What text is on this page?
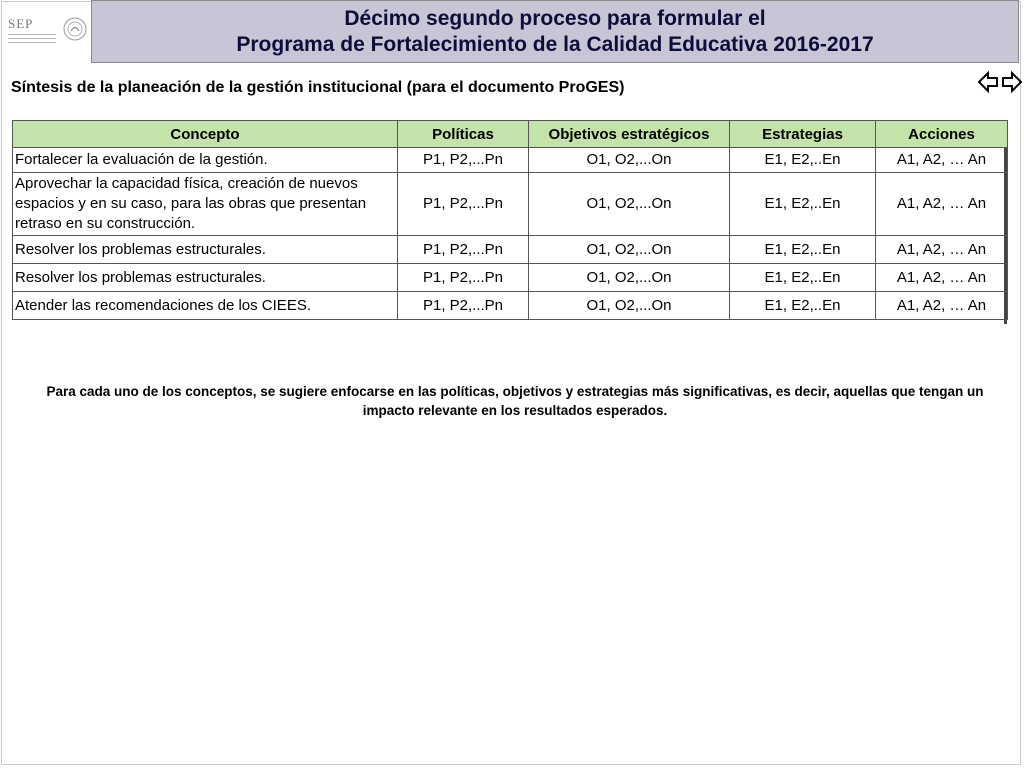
SEP	Décimo segundo proceso para formular el
Programa de Fortalecimiento de la Calidad Educativa 2016-2017
Síntesis de la planeación de la gestión institucional (para el documento ProGES)
Concepto	Políticas	Objetivos estratégicos	Estrategias	Acciones
Fortalecer la evaluación de la gestión.	P1, P2,...Pn	O1, O2,...On	E1, E2,..En	A1, A2, … An
Aprovechar la capacidad física, creación de nuevos espacios y en su caso, para las obras que presentan retraso en su construcción.	P1, P2,...Pn	O1, O2,...On	E1, E2,..En	A1, A2, … An
Resolver los problemas estructurales.	P1, P2,...Pn	O1, O2,...On	E1, E2,..En	A1, A2, … An
Resolver los problemas estructurales.	P1, P2,...Pn	O1, O2,...On	E1, E2,..En	A1, A2, … An
Atender las recomendaciones de los CIEES.	P1, P2,...Pn	O1, O2,...On	E1, E2,..En	A1, A2, … An
Para cada uno de los conceptos, se sugiere enfocarse en las políticas, objetivos y estrategias más significativas, es decir, aquellas que tengan un impacto relevante en los resultados esperados.
